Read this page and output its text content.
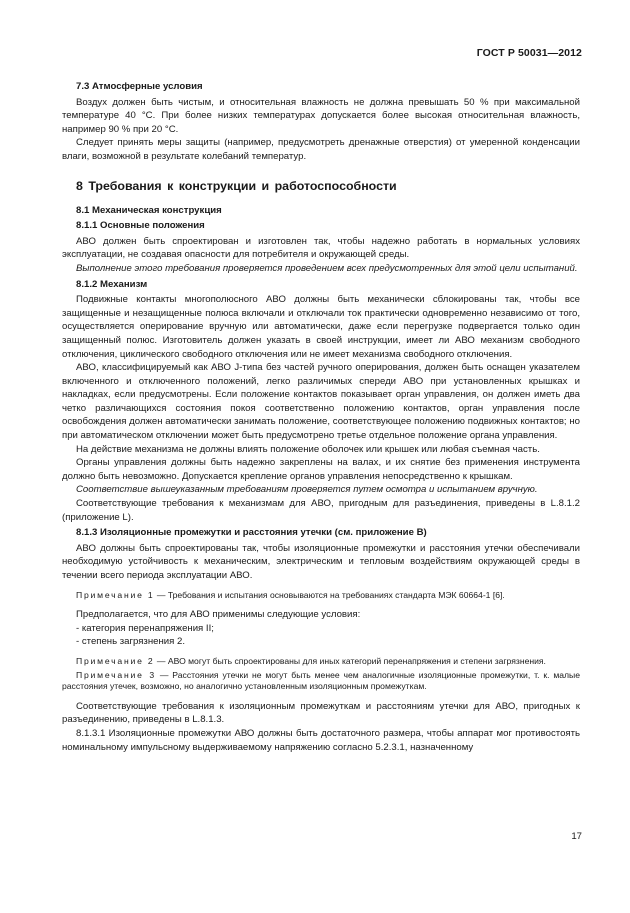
ГОСТ Р 50031—2012

7.3 Атмосферные условия

Воздух должен быть чистым, и относительная влажность не должна превышать 50 % при максимальной температуре 40 °C. При более низких температурах допускается более высокая относительная влажность, например 90 % при 20 °C.

Следует принять меры защиты (например, предусмотреть дренажные отверстия) от умеренной конденсации влаги, возможной в результате колебаний температур.

8 Требования к конструкции и работоспособности

8.1 Механическая конструкция

8.1.1 Основные положения

АВО должен быть спроектирован и изготовлен так, чтобы надежно работать в нормальных условиях эксплуатации, не создавая опасности для потребителя и окружающей среды.

Выполнение этого требования проверяется проведением всех предусмотренных для этой цели испытаний.

8.1.2 Механизм

Подвижные контакты многополюсного АВО должны быть механически сблокированы так, чтобы все защищенные и незащищенные полюса включали и отключали ток практически одновременно независимо от того, осуществляется оперирование вручную или автоматически, даже если перегрузке подвергается только один защищенный полюс. Изготовитель должен указать в своей инструкции, имеет ли АВО механизм свободного отключения, циклического свободного отключения или не имеет механизма свободного отключения.

АВО, классифицируемый как АВО J-типа без частей ручного оперирования, должен быть оснащен указателем включенного и отключенного положений, легко различимых спереди АВО при установленных крышках и накладках, если предусмотрены. Если положение контактов показывает орган управления, он должен иметь два четко различающихся состояния покоя соответственно положению контактов, орган управления после освобождения должен автоматически занимать положение, соответствующее положению подвижных контактов; но при автоматическом отключении может быть предусмотрено третье отдельное положение органа управления.

На действие механизма не должны влиять положение оболочек или крышек или любая съемная часть.

Органы управления должны быть надежно закреплены на валах, и их снятие без применения инструмента должно быть невозможно. Допускается крепление органов управления непосредственно к крышкам.

Соответствие вышеуказанным требованиям проверяется путем осмотра и испытанием вручную.

Соответствующие требования к механизмам для АВО, пригодным для разъединения, приведены в L.8.1.2 (приложение L).

8.1.3 Изоляционные промежутки и расстояния утечки (см. приложение В)

АВО должны быть спроектированы так, чтобы изоляционные промежутки и расстояния утечки обеспечивали необходимую устойчивость к механическим, электрическим и тепловым воздействиям окружающей среды в течении всего периода эксплуатации АВО.

Примечание 1 — Требования и испытания основываются на требованиях стандарта МЭК 60664-1 [6].

Предполагается, что для АВО применимы следующие условия:

- категория перенапряжения II;

- степень загрязнения 2.

Примечание 2 — АВО могут быть спроектированы для иных категорий перенапряжения и степени загрязнения.

Примечание 3 — Расстояния утечки не могут быть менее чем аналогичные изоляционные промежутки, т. к. малые расстояния утечек, возможно, но аналогично установленным изоляционным промежуткам.

Соответствующие требования к изоляционным промежуткам и расстояниям утечки для АВО, пригодных к разъединению, приведены в L.8.1.3.

8.1.3.1 Изоляционные промежутки АВО должны быть достаточного размера, чтобы аппарат мог противостоять номинальному импульсному выдерживаемому напряжению согласно 5.2.3.1, назначенному

17
